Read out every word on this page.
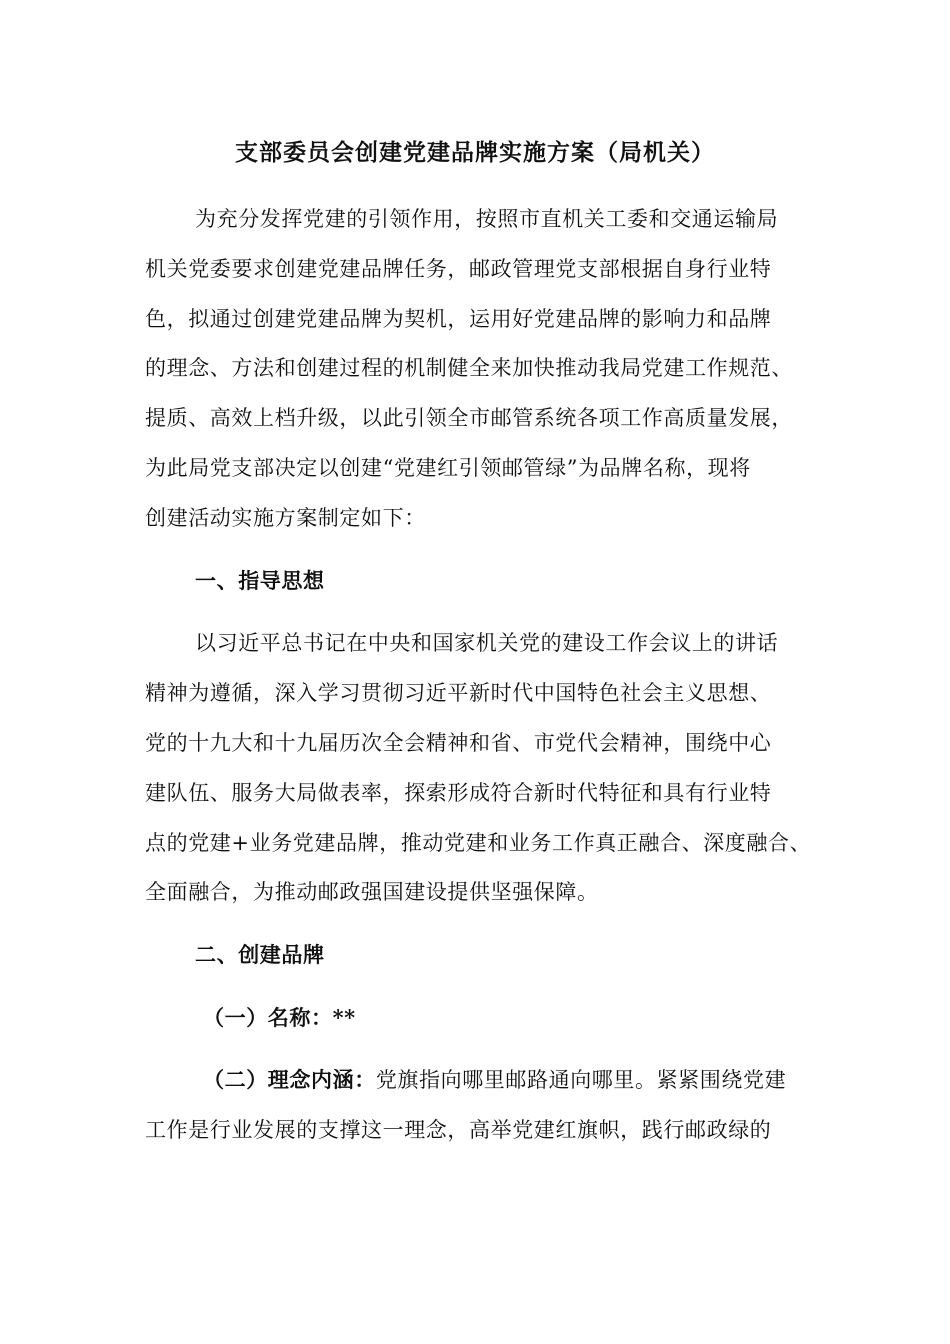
支部委员会创建党建品牌实施方案（局机关）
为充分发挥党建的引领作用，按照市直机关工委和交通运输局
机关党委要求创建党建品牌任务，邮政管理党支部根据自身行业特
色，拟通过创建党建品牌为契机，运用好党建品牌的影响力和品牌
的理念、方法和创建过程的机制健全来加快推动我局党建工作规范、
提质、高效上档升级，以此引领全市邮管系统各项工作高质量发展，
为此局党支部决定以创建“党建红引领邮管绿”为品牌名称，现将
创建活动实施方案制定如下：
一、指导思想
以习近平总书记在中央和国家机关党的建设工作会议上的讲话
精神为遵循，深入学习贯彻习近平新时代中国特色社会主义思想、
党的十九大和十九届历次全会精神和省、市党代会精神，围绕中心
建队伍、服务大局做表率，探索形成符合新时代特征和具有行业特
点的党建+业务党建品牌，推动党建和业务工作真正融合、深度融合、
全面融合，为推动邮政强国建设提供坚强保障。
二、创建品牌
（一）名称：**
（二）理念内涵：党旗指向哪里邮路通向哪里。紧紧围绕党建
工作是行业发展的支撑这一理念，高举党建红旗帜，践行邮政绿的
